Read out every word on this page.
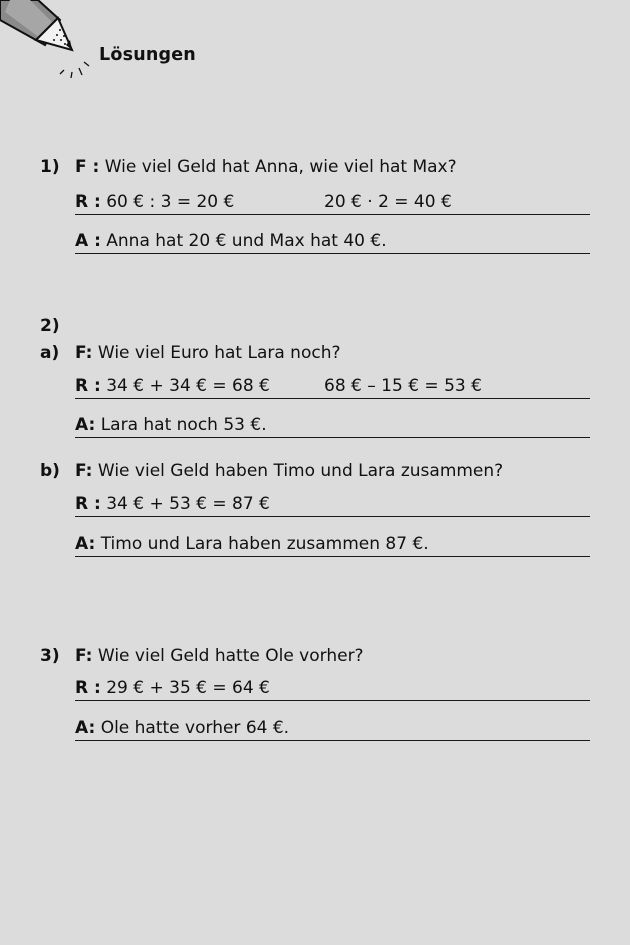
Lösungen
1) F : Wie viel Geld hat Anna, wie viel hat Max?
R : 60 € : 3 = 20 €	20 € · 2 = 40 €
A : Anna hat 20 € und Max hat 40 €.
2)
a) F: Wie viel Euro hat Lara noch?
R : 34 € + 34 € = 68 €	68 € – 15 € = 53 €
A: Lara hat noch 53 €.
b) F: Wie viel Geld haben Timo und Lara zusammen?
R : 34 € + 53 € = 87 €
A: Timo und Lara haben zusammen 87 €.
3) F: Wie viel Geld hatte Ole vorher?
R : 29 € + 35 € = 64 €
A: Ole hatte vorher 64 €.
